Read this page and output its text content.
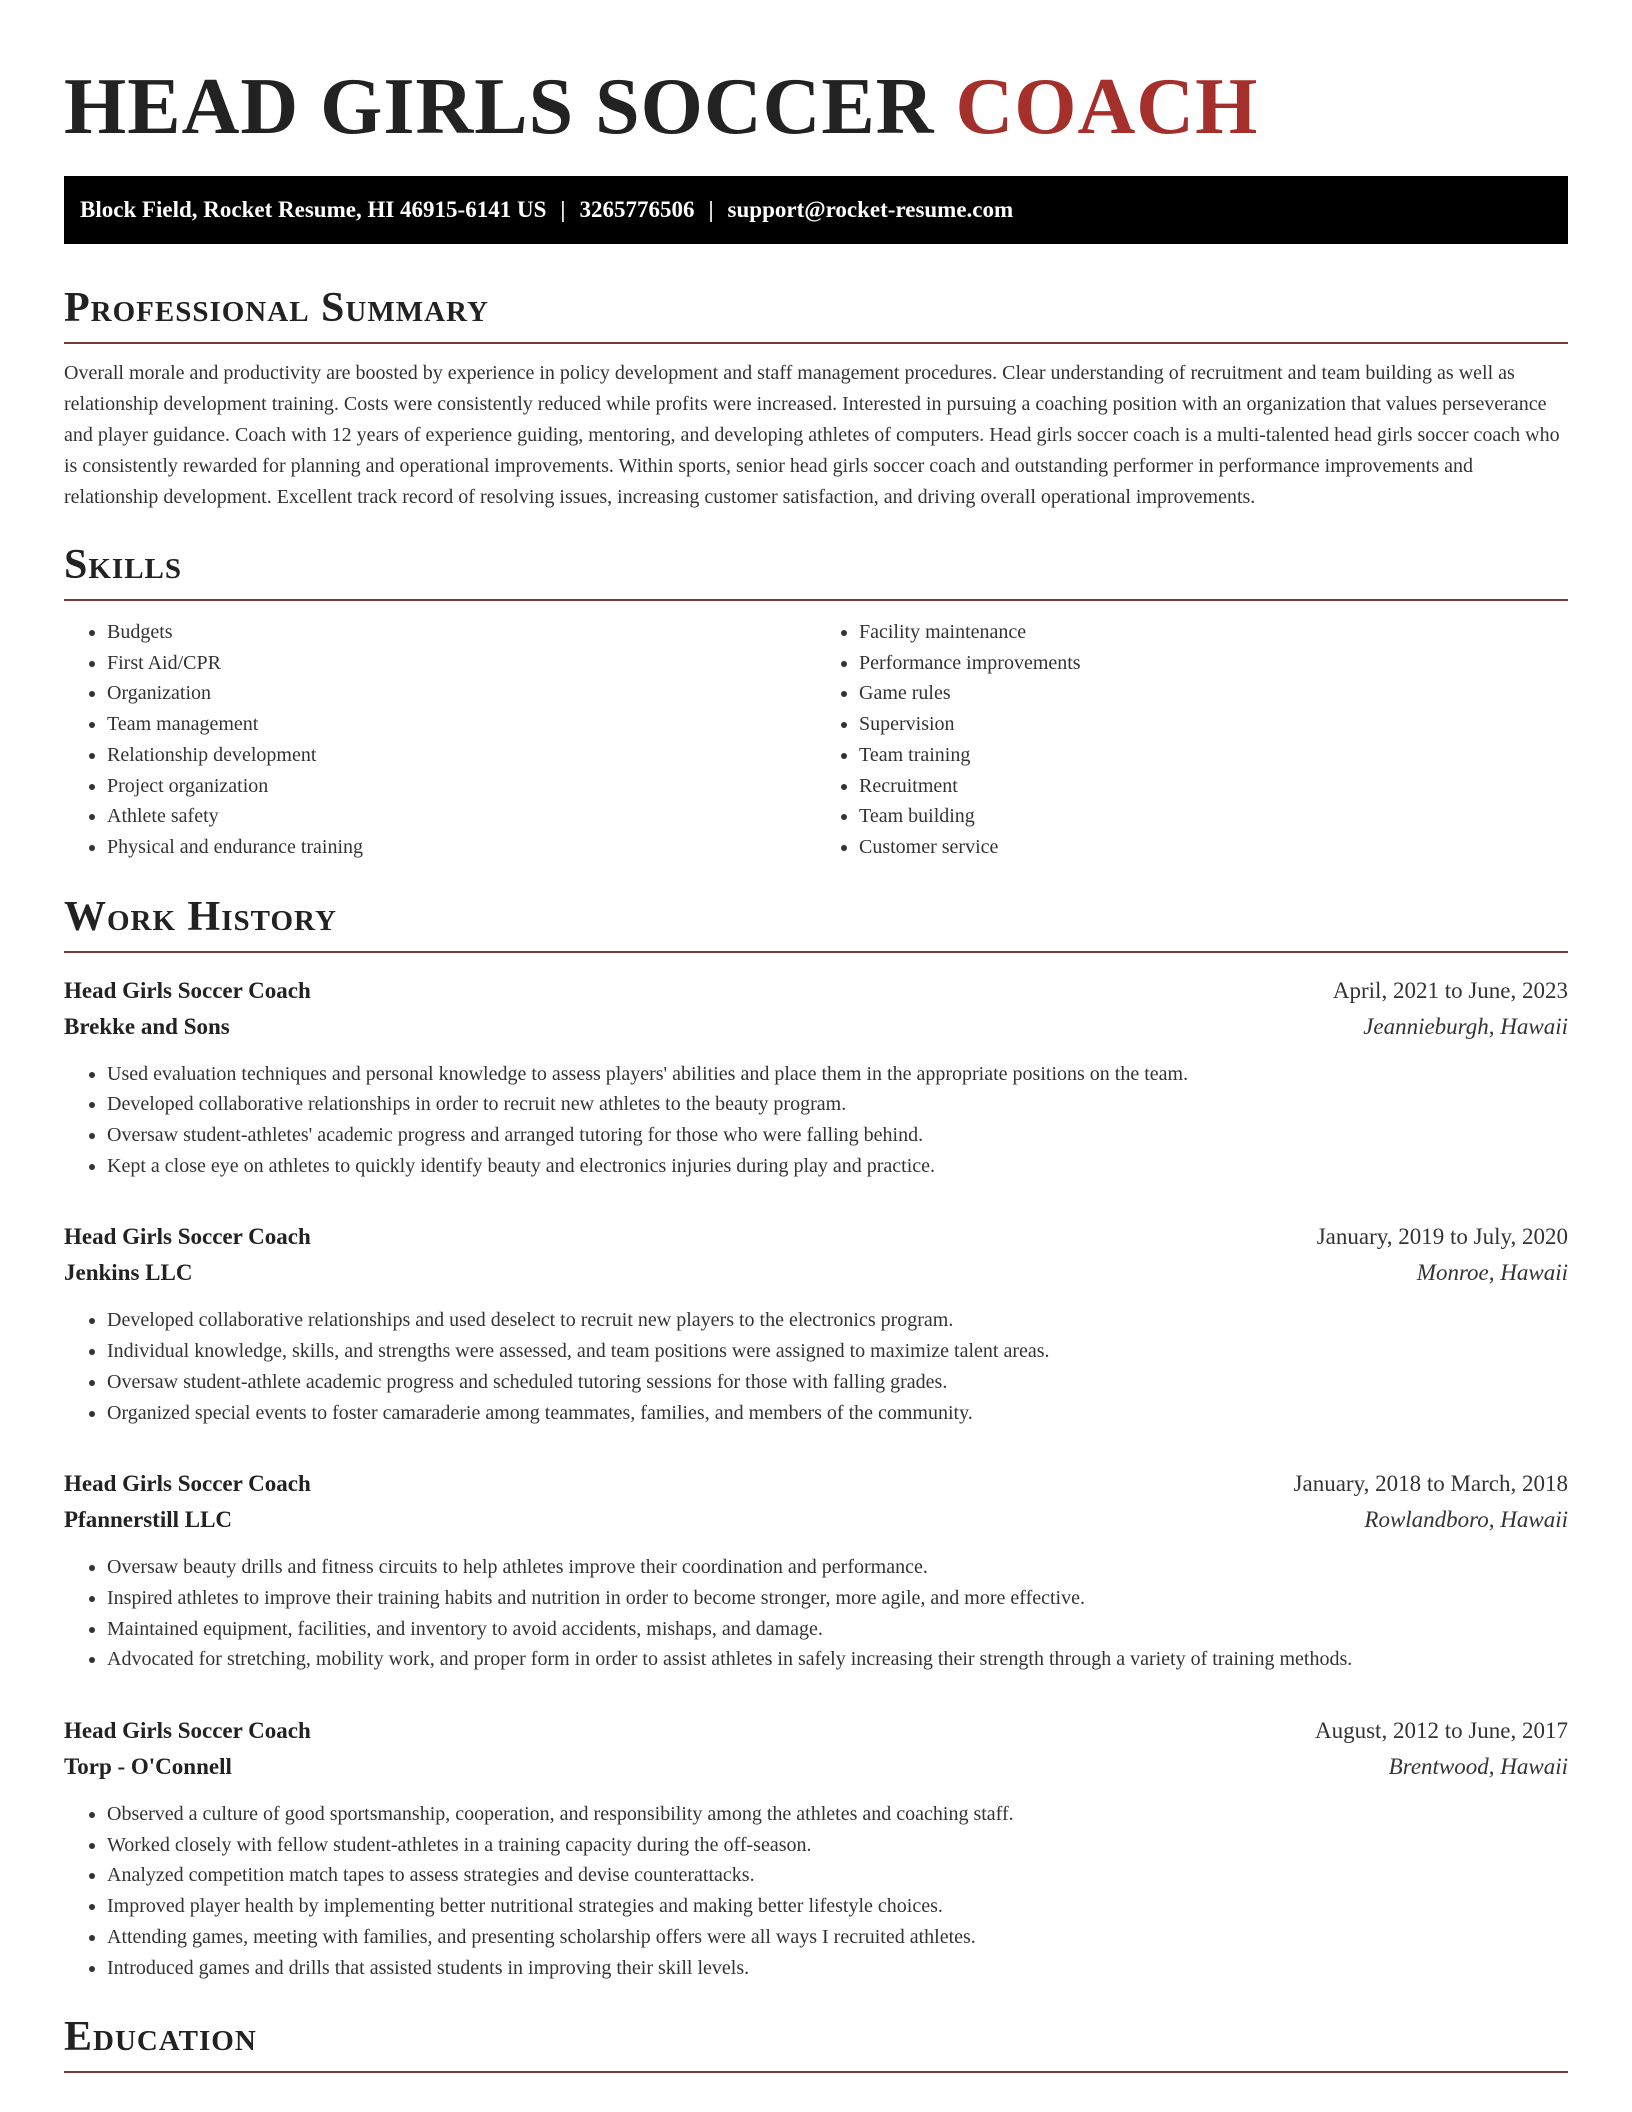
HEAD GIRLS SOCCER COACH
Block Field, Rocket Resume, HI 46915-6141 US | 3265776506 | support@rocket-resume.com
Professional Summary

Overall morale and productivity are boosted by experience in policy development and staff management procedures. Clear understanding of recruitment and team building as well as relationship development training. Costs were consistently reduced while profits were increased. Interested in pursuing a coaching position with an organization that values perseverance and player guidance. Coach with 12 years of experience guiding, mentoring, and developing athletes of computers. Head girls soccer coach is a multi-talented head girls soccer coach who is consistently rewarded for planning and operational improvements. Within sports, senior head girls soccer coach and outstanding performer in performance improvements and relationship development. Excellent track record of resolving issues, increasing customer satisfaction, and driving overall operational improvements.

Skills
• Budgets
• First Aid/CPR
• Organization
• Team management
• Relationship development
• Project organization
• Athlete safety
• Physical and endurance training
• Facility maintenance
• Performance improvements
• Game rules
• Supervision
• Team training
• Recruitment
• Team building
• Customer service
Work History
Head Girls Soccer Coach	April, 2021 to June, 2023
Brekke and Sons	Jeannieburgh, Hawaii
• Used evaluation techniques and personal knowledge to assess players' abilities and place them in the appropriate positions on the team.
• Developed collaborative relationships in order to recruit new athletes to the beauty program.
• Oversaw student-athletes' academic progress and arranged tutoring for those who were falling behind.
• Kept a close eye on athletes to quickly identify beauty and electronics injuries during play and practice.
Head Girls Soccer Coach	January, 2019 to July, 2020
Jenkins LLC	Monroe, Hawaii
• Developed collaborative relationships and used deselect to recruit new players to the electronics program.
• Individual knowledge, skills, and strengths were assessed, and team positions were assigned to maximize talent areas.
• Oversaw student-athlete academic progress and scheduled tutoring sessions for those with falling grades.
• Organized special events to foster camaraderie among teammates, families, and members of the community.
Head Girls Soccer Coach	January, 2018 to March, 2018
Pfannerstill LLC	Rowlandboro, Hawaii
• Oversaw beauty drills and fitness circuits to help athletes improve their coordination and performance.
• Inspired athletes to improve their training habits and nutrition in order to become stronger, more agile, and more effective.
• Maintained equipment, facilities, and inventory to avoid accidents, mishaps, and damage.
• Advocated for stretching, mobility work, and proper form in order to assist athletes in safely increasing their strength through a variety of training methods.
Head Girls Soccer Coach	August, 2012 to June, 2017
Torp - O'Connell	Brentwood, Hawaii
• Observed a culture of good sportsmanship, cooperation, and responsibility among the athletes and coaching staff.
• Worked closely with fellow student-athletes in a training capacity during the off-season.
• Analyzed competition match tapes to assess strategies and devise counterattacks.
• Improved player health by implementing better nutritional strategies and making better lifestyle choices.
• Attending games, meeting with families, and presenting scholarship offers were all ways I recruited athletes.
• Introduced games and drills that assisted students in improving their skill levels.
Education
